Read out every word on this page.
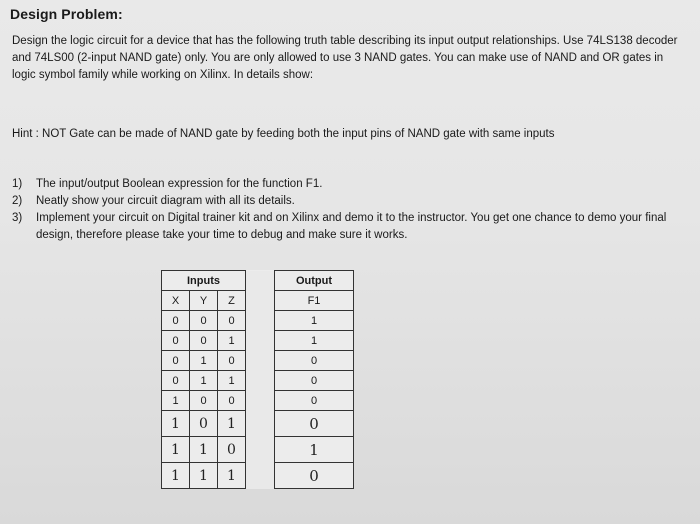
Design Problem:
Design the logic circuit for a device that has the following truth table describing its input output relationships. Use 74LS138 decoder and 74LS00 (2-input NAND gate) only. You are only allowed to use 3 NAND gates. You can make use of NAND and OR gates in logic symbol family while working on Xilinx. In details show:
Hint : NOT Gate can be made of NAND gate by feeding both the input pins of NAND gate with same inputs
1)	The input/output Boolean expression for the function F1.
2)	Neatly show your circuit diagram with all its details.
3)	Implement your circuit on Digital trainer kit and on Xilinx and demo it to the instructor. You get one chance to demo your final design, therefore please take your time to debug and make sure it works.
Inputs				Output
X	Y	Z		F1
0	0	0		1
0	0	1		1
0	1	0		0
0	1	1		0
1	0	0		0
1	0	1		0
1	1	0		1
1	1	1		0
